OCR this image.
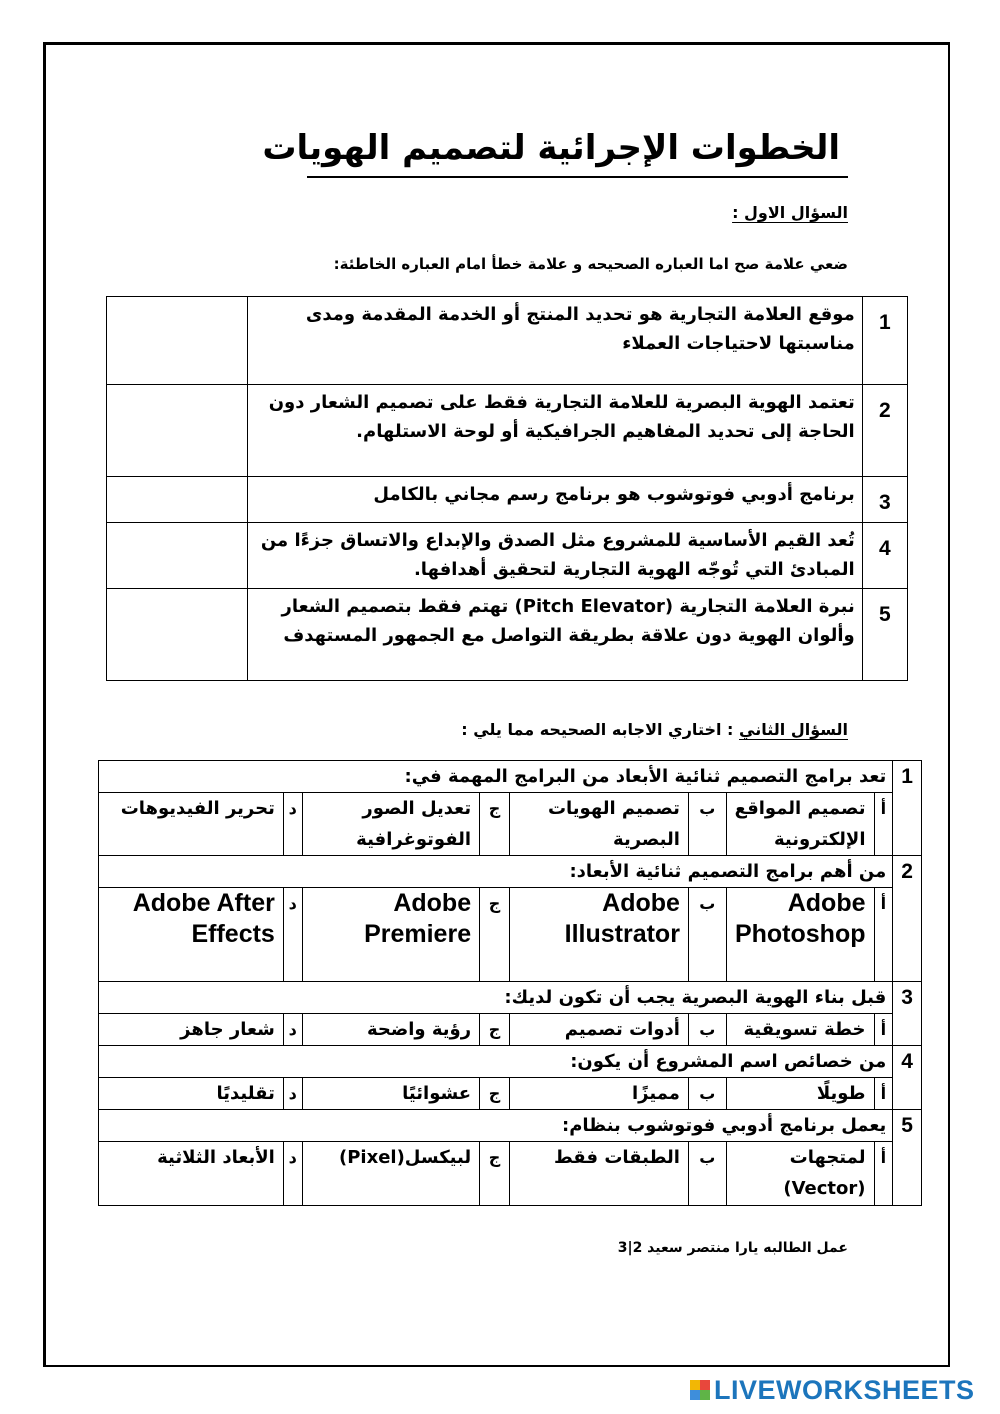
الخطوات الإجرائية لتصميم الهويات
السؤال الاول :
ضعي علامة صح اما العباره الصحيحه و علامة خطأ امام العباره الخاطئة:
1	موقع العلامة التجارية هو تحديد المنتج أو الخدمة المقدمة ومدى مناسبتها لاحتياجات العملاء	
2	تعتمد الهوية البصرية للعلامة التجارية فقط على تصميم الشعار دون الحاجة إلى تحديد المفاهيم الجرافيكية أو لوحة الاستلهام.	
3	برنامج أدوبي فوتوشوب هو برنامج رسم مجاني بالكامل	
4	تُعد القيم الأساسية للمشروع مثل الصدق والإبداع والاتساق جزءًا من المبادئ التي تُوجّه الهوية التجارية لتحقيق أهدافها.	
5	نبرة العلامة التجارية (Pitch Elevator) تهتم فقط بتصميم الشعار وألوان الهوية دون علاقة بطريقة التواصل مع الجمهور المستهدف	
السؤال الثاني : اختاري الاجابه الصحيحه مما يلي :
1	تعد برامج التصميم ثنائية الأبعاد من البرامج المهمة في:							
	أ	تصميم المواقع الإلكترونية	ب	تصميم الهويات البصرية	ج	تعديل الصور الفوتوغرافية	د	تحرير الفيديوهات
2	من أهم برامج التصميم ثنائية الأبعاد:							
	أ	Adobe Photoshop	ب	Adobe Illustrator	ج	Adobe Premiere	د	Adobe After Effects
3	قبل بناء الهوية البصرية يجب أن تكون لديك:							
	أ	خطة تسويقية	ب	أدوات تصميم	ج	رؤية واضحة	د	شعار جاهز
4	من خصائص اسم المشروع أن يكون:							
	أ	طويلًا	ب	مميزًا	ج	عشوائيًا	د	تقليديًا
5	يعمل برنامج أدوبي فوتوشوب بنظام:							
	أ	لمتجهات (Vector)	ب	الطبقات فقط	ج	لبيكسل(Pixel)	د	الأبعاد الثلاثية
عمل الطالبه يارا منتصر سعيد 2|3
LIVEWORKSHEETS
